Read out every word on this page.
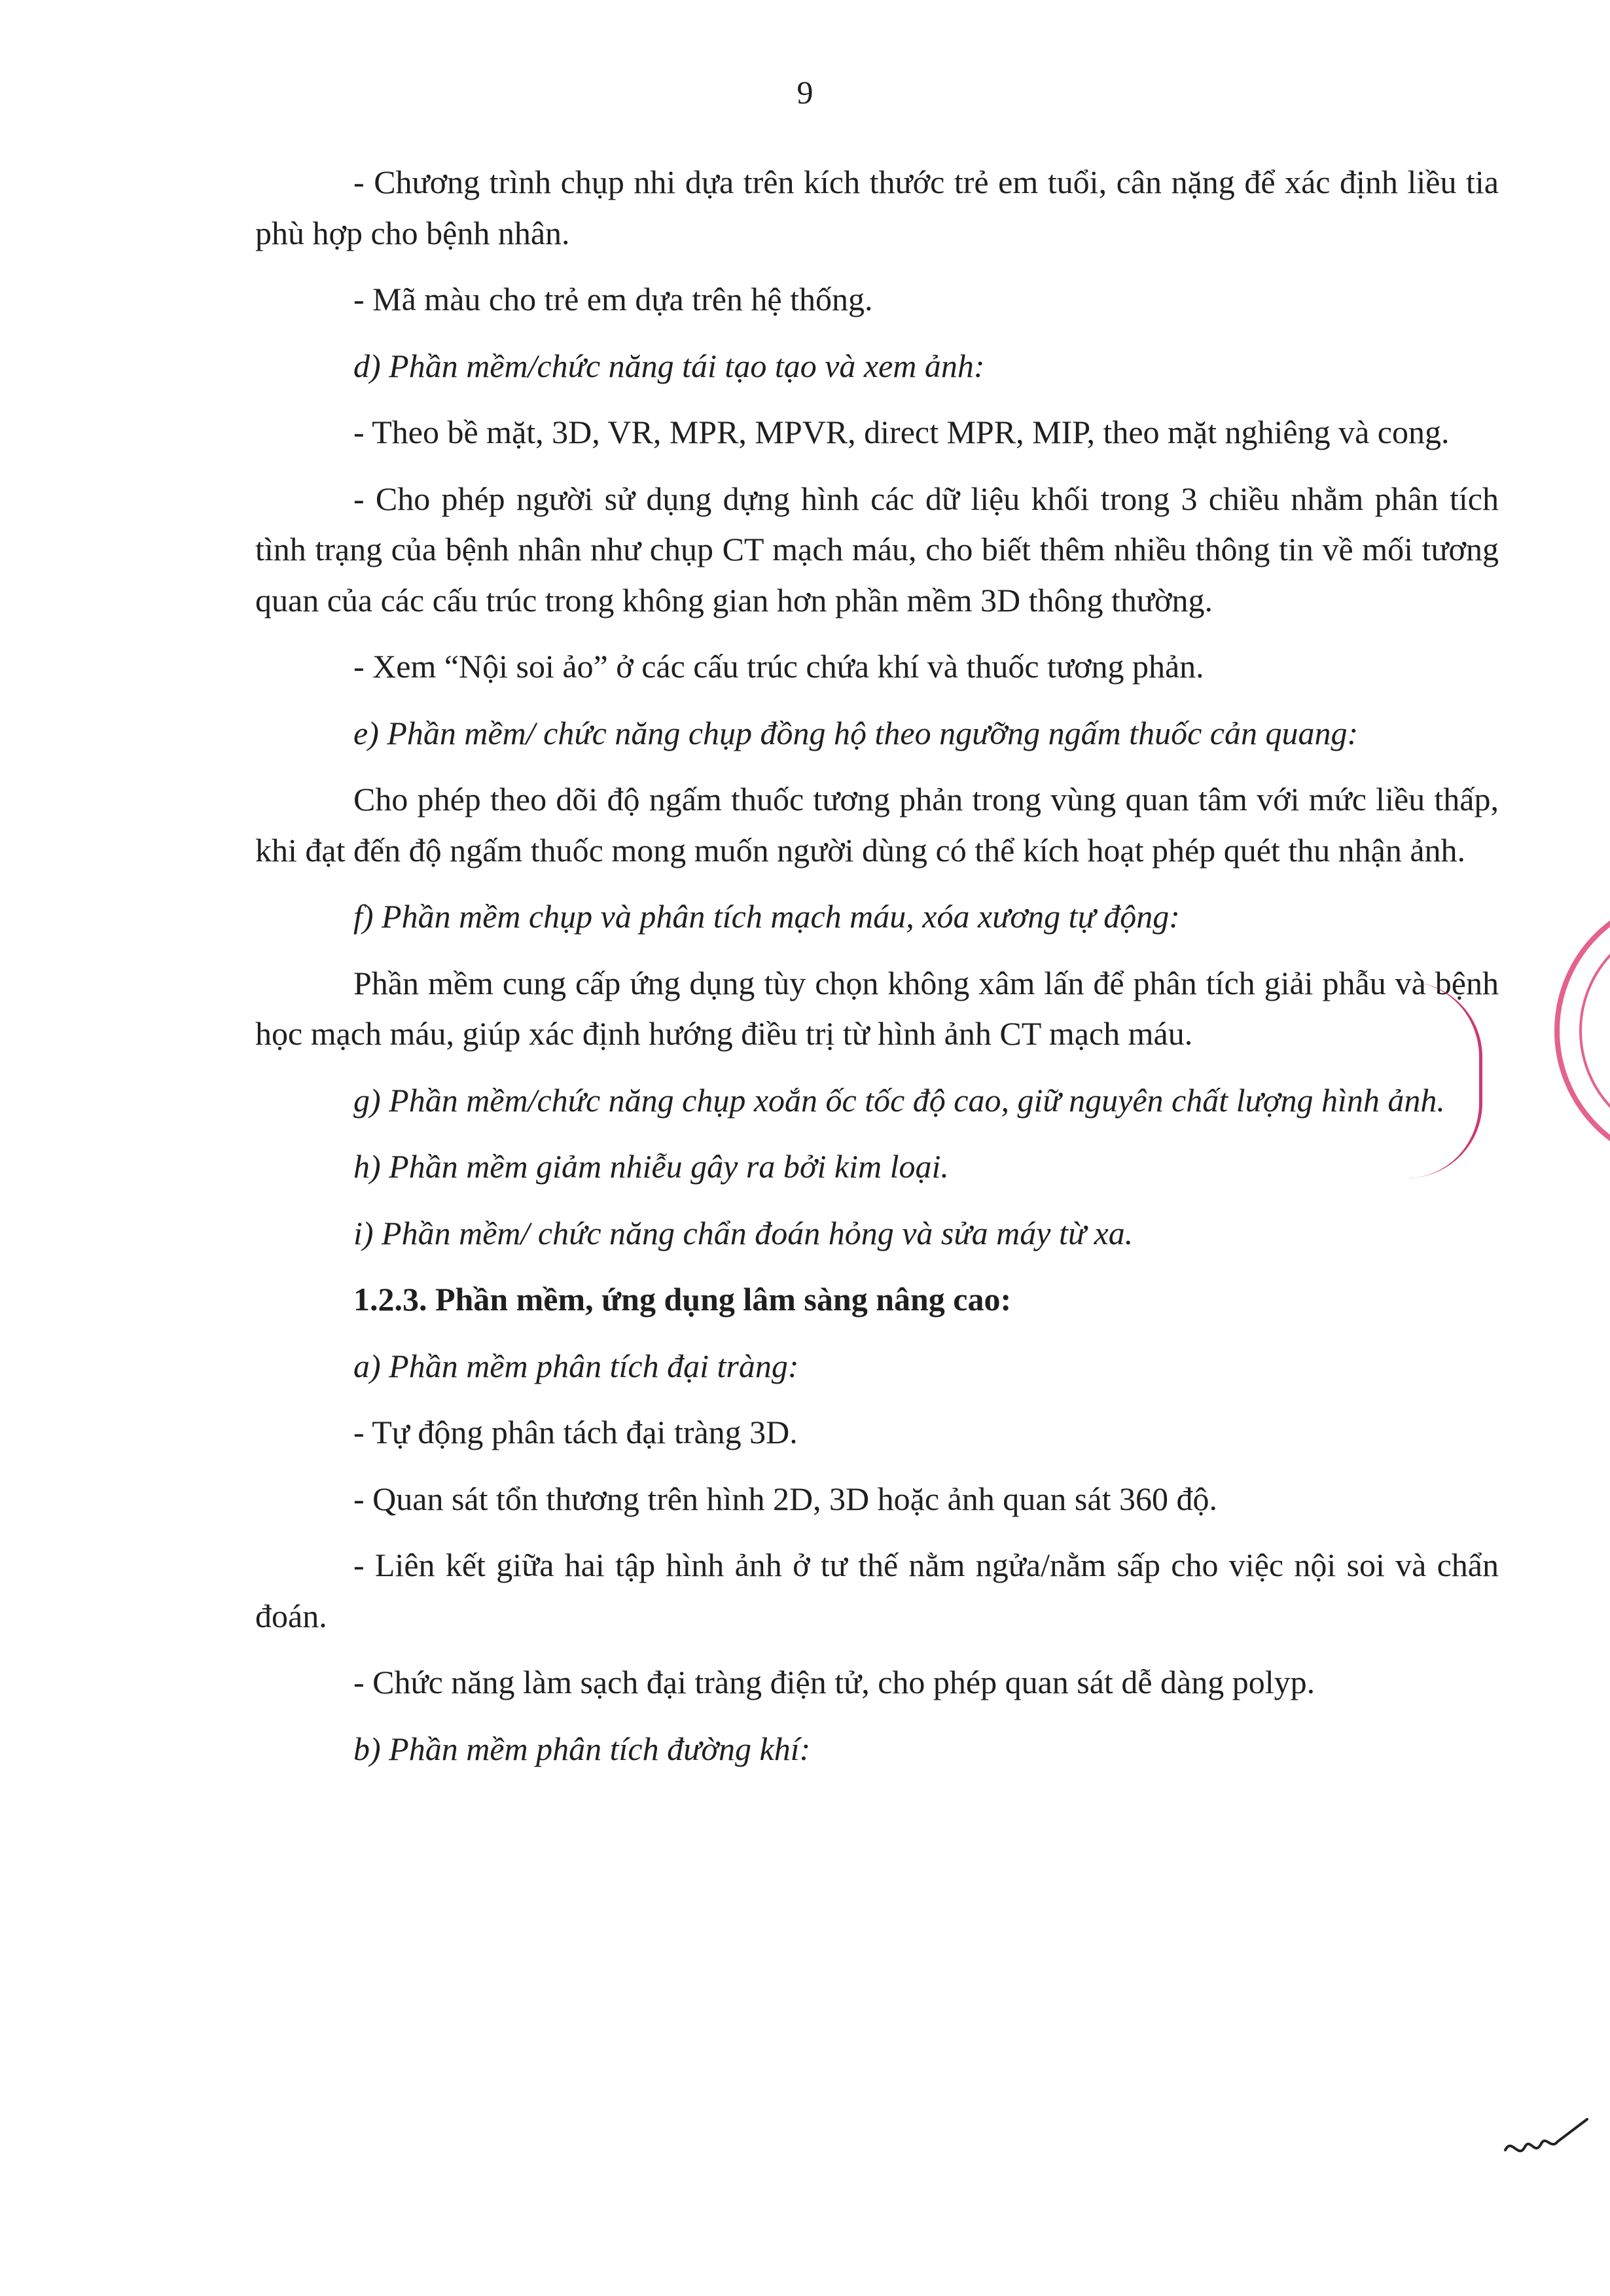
9

- Chương trình chụp nhi dựa trên kích thước trẻ em tuổi, cân nặng để xác định liều tia phù hợp cho bệnh nhân.

- Mã màu cho trẻ em dựa trên hệ thống.

d) Phần mềm/chức năng tái tạo tạo và xem ảnh:

- Theo bề mặt, 3D, VR, MPR, MPVR, direct MPR, MIP, theo mặt nghiêng và cong.

- Cho phép người sử dụng dựng hình các dữ liệu khối trong 3 chiều nhằm phân tích tình trạng của bệnh nhân như chụp CT mạch máu, cho biết thêm nhiều thông tin về mối tương quan của các cấu trúc trong không gian hơn phần mềm 3D thông thường.

- Xem “Nội soi ảo” ở các cấu trúc chứa khí và thuốc tương phản.

e) Phần mềm/ chức năng chụp đồng hộ theo ngưỡng ngấm thuốc cản quang:

Cho phép theo dõi độ ngấm thuốc tương phản trong vùng quan tâm với mức liều thấp, khi đạt đến độ ngấm thuốc mong muốn người dùng có thể kích hoạt phép quét thu nhận ảnh.

f) Phần mềm chụp và phân tích mạch máu, xóa xương tự động:

Phần mềm cung cấp ứng dụng tùy chọn không xâm lấn để phân tích giải phẫu và bệnh học mạch máu, giúp xác định hướng điều trị từ hình ảnh CT mạch máu.

g) Phần mềm/chức năng chụp xoắn ốc tốc độ cao, giữ nguyên chất lượng hình ảnh.

h) Phần mềm giảm nhiễu gây ra bởi kim loại.

i) Phần mềm/ chức năng chẩn đoán hỏng và sửa máy từ xa.

1.2.3. Phần mềm, ứng dụng lâm sàng nâng cao:

a) Phần mềm phân tích đại tràng:

- Tự động phân tách đại tràng 3D.

- Quan sát tổn thương trên hình 2D, 3D hoặc ảnh quan sát 360 độ.

- Liên kết giữa hai tập hình ảnh ở tư thế nằm ngửa/nằm sấp cho việc nội soi và chẩn đoán.

- Chức năng làm sạch đại tràng điện tử, cho phép quan sát dễ dàng polyp.

b) Phần mềm phân tích đường khí:
